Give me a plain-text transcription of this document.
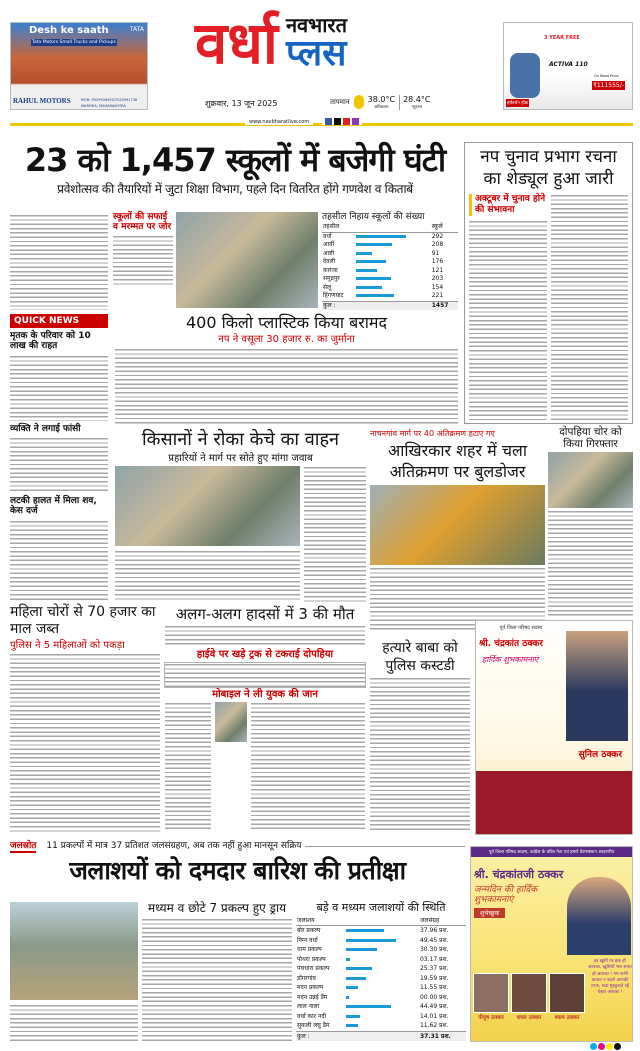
Desh ke saath	TATA
Tata Motors Small Trucks and Pickups
RAHUL MOTORS	MOB: 9529906494/7020591738
WARDHA, MAHARASHTRA
वर्धा नवभारत
प्लस
शुक्रवार, 13 जून 2025	तापमान 38.0°C
अधिकतम
28.4°C
न्यूनतम
3 YEAR FREE
ACTIVA 110
On Road Price
₹111555/-
हर्षवर्धन होंडा
www.navbharatlive.com
23 को 1,457 स्कूलों में बजेगी घंटी
प्रवेशोत्सव की तैयारियों में जुटा शिक्षा विभाग, पहले दिन वितरित होंगे गणवेश व किताबें
स्कूलों की सफाई व मरम्मत पर जोर
तहसील निहाय स्कूलों की संख्या
तहसील		स्कूलें
वर्धा		292
आर्वी		208
आष्टी		91
देवली		176
कारंजा		121
समुद्रपुर		203
सेलू		154
हिंगणघाट		221
कुल :		1457
नप चुनाव प्रभाग रचना का शेड्यूल हुआ जारी
अक्टूबर में चुनाव होने की संभावना
QUICK NEWS
मृतक के परिवार को 10 लाख की राहत
व्यक्ति ने लगाई फांसी
लटकी हालत में मिला शव, केस दर्ज
400 किलो प्लास्टिक किया बरामद
नप ने वसूला 30 हजार रु. का जुर्माना
किसानों ने रोका केचे का वाहन
प्रहारियों ने मार्ग पर सोते हुए मांगा जवाब
नाचनगांव मार्ग पर 40 अतिक्रमण हटाए गए
आखिरकार शहर में चला अतिक्रमण पर बुलडोजर
दोपहिया चोर को किया गिरफ्तार
महिला चोरों से 70 हजार का माल जब्त
पुलिस ने 5 महिलाओं को पकड़ा
अलग-अलग हादसों में 3 की मौत
हाईवे पर खड़े ट्रक से टकराई दोपहिया
मोबाइल ने ली युवक की जान
हत्यारे बाबा को पुलिस कस्टडी
पूर्व जिला परिषद सदस्य
श्री. चंद्रकांत ठक्कर
हार्दिक शुभकामनाएं
सुनिल ठक्कर
जलस्रोत	11 प्रकल्पों में मात्र 37 प्रतिशत जलसंग्रहण, अब तक नहीं हुआ मानसून सक्रिय
जलाशयों को दमदार बारिश की प्रतीक्षा
मध्यम व छोटे 7 प्रकल्प हुए ड्राय	बड़े व मध्यम जलाशयों की स्थिति
जलाशय		जलसंग्रह
बोर प्रकल्प		37.96 प्रश.
निम्न वर्धा		49.45 प्रश.
धाम प्रकल्प		30.30 प्रश.
पोथरा प्रकल्प		03.17 प्रश.
पंचधारा प्रकल्प		25.37 प्रश.
डोंगरगांव		19.59 प्रश.
मदन प्रकल्प		11.55 प्रश.
मदन उन्नई डैम		00.00 प्रश.
लाल नाला		44.49 प्रश.
वर्धा कार नदी		14.01 प्रश.
सुकली लघु डैम		11.62 प्रश.
कुल :		37.31 प्रश.
पूर्व जिला परिषद सदस्य, कांग्रेस के वरिष्ठ नेता एवं हमारे प्रेरणास्थान आदरणीय
श्री. चंद्रकांतजी ठक्कर
जन्मदिन की हार्दिक शुभकामनाएं
शुभेच्छुक
पीयूष ठक्कर	धवल ठक्कर	श्याम ठक्कर
हर खुशी पर हक हो आपका, खुशियों भरा सफर हो आपका ! गम कभी करवट न बदले आपकी तरफ, सदा मुस्कुराते रहें चेहरा आपका !
